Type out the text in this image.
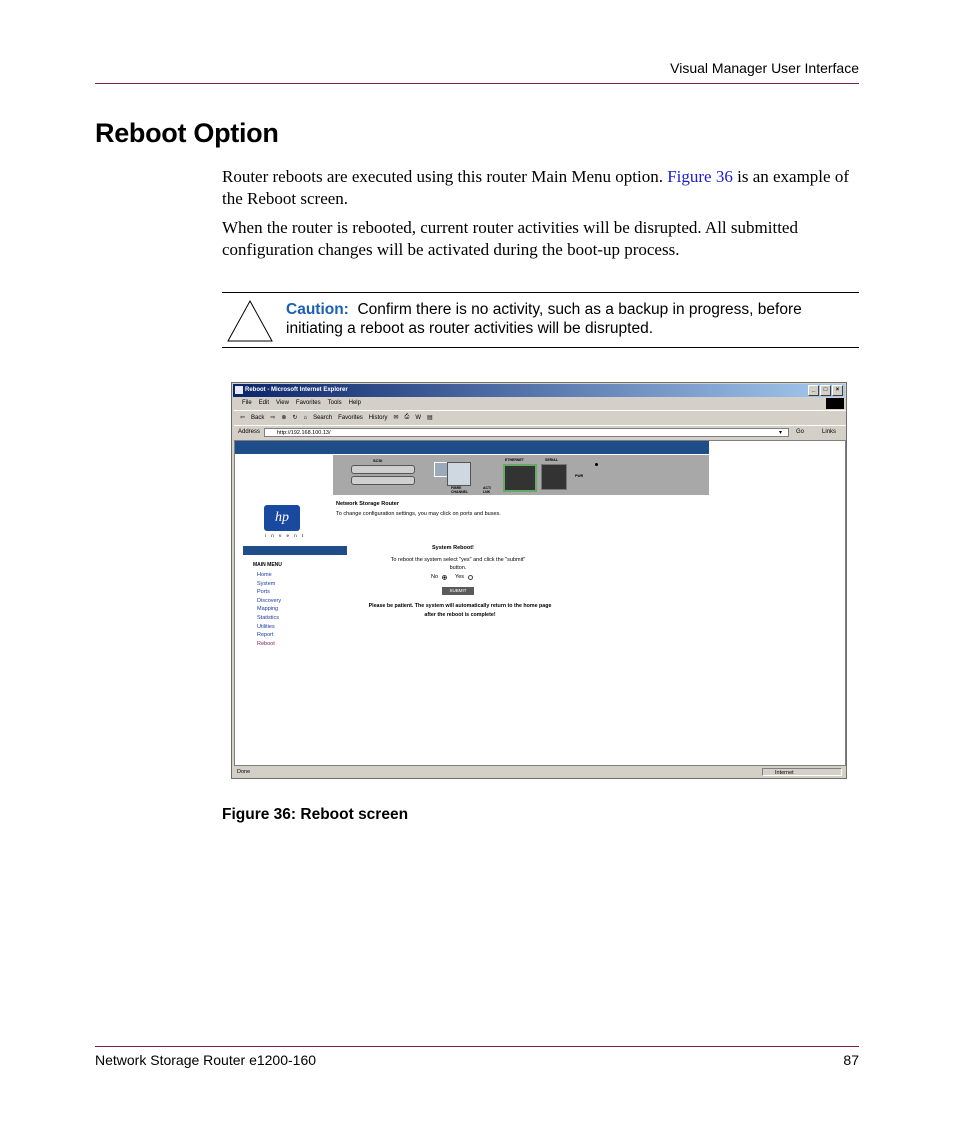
Visual Manager User Interface
Reboot Option
Router reboots are executed using this router Main Menu option. Figure 36 is an example of the Reboot screen.
When the router is rebooted, current router activities will be disrupted. All submitted configuration changes will be activated during the boot-up process.
Caution: Confirm there is no activity, such as a backup in progress, before initiating a reboot as router activities will be disrupted.
Reboot - Microsoft Internet Explorer	_	□	×
File Edit View Favorites Tools Help
⇦ Back ⇨ ⊗ ↻ ⌂ Search Favorites History ✉ ⎙ W ▤
Address	http://192.168.100.13/	▾ Go	Links
SCSI
FIBRE CHANNEL
ACT/ LNK
ETHERNET	SERIAL
PWR
hp
i n v e n t
Network Storage Router
To change configuration settings, you may click on ports and buses.
MAIN MENU
Home
System
Ports
Discovery
Mapping
Statistics
Utilities
Report
Reboot
System Reboot!
To reboot the system select "yes" and click the "submit" button.
No	Yes
SUBMIT
Please be patient. The system will automatically return to the home page after the reboot is complete!
Done	Internet
Figure 36: Reboot screen
Network Storage Router e1200-160	87
